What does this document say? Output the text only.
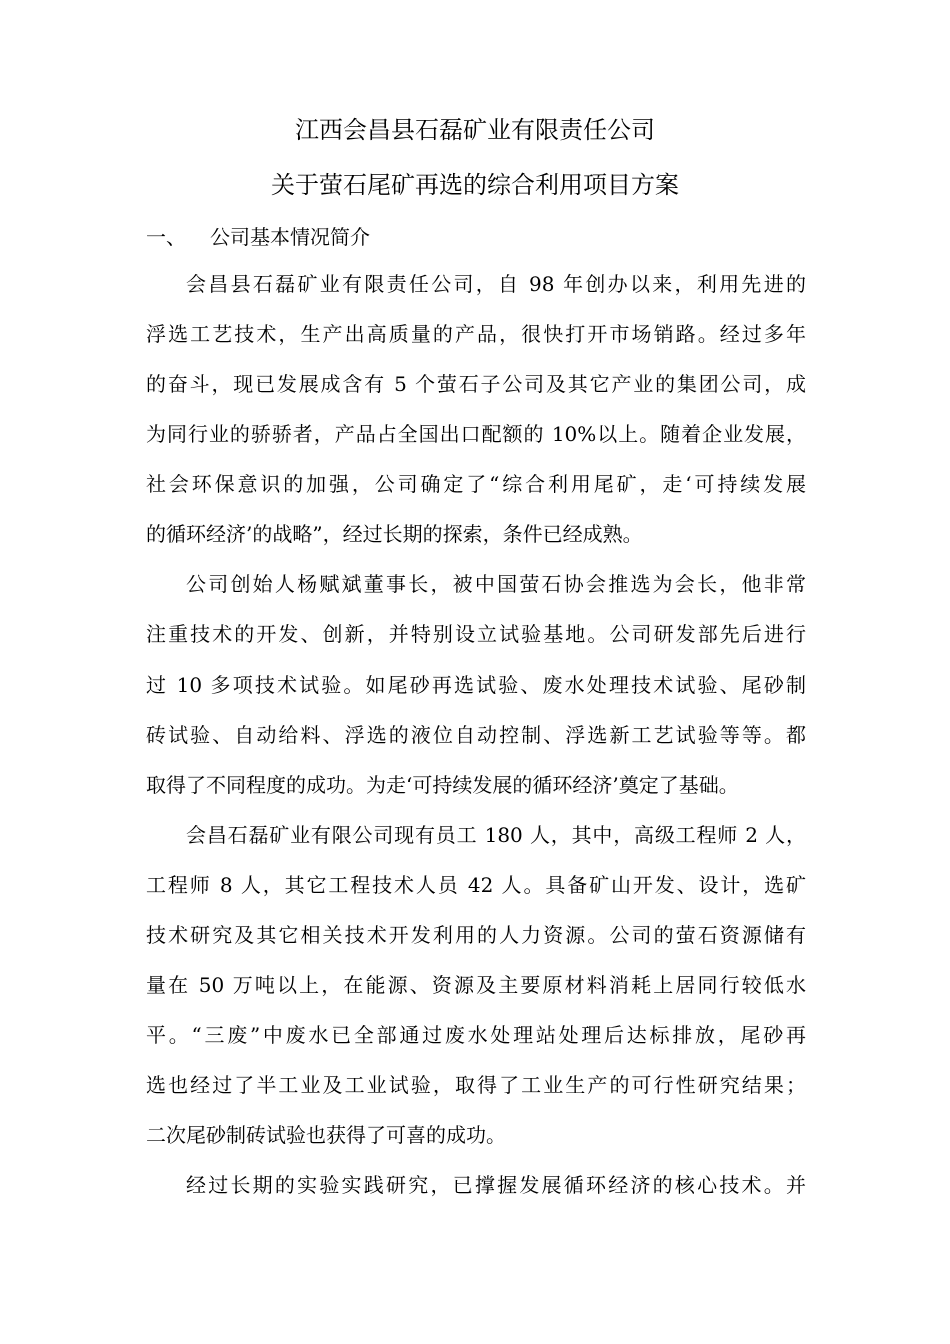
江西会昌县石磊矿业有限责任公司
关于萤石尾矿再选的综合利用项目方案
一、 公司基本情况简介
会昌县石磊矿业有限责任公司，自 98 年创办以来，利用先进的
浮选工艺技术，生产出高质量的产品，很快打开市场销路。经过多年
的奋斗，现已发展成含有 5 个萤石子公司及其它产业的集团公司，成
为同行业的骄骄者，产品占全国出口配额的 10%以上。随着企业发展，
社会环保意识的加强，公司确定了“综合利用尾矿，走‘可持续发展
的循环经济’的战略”，经过长期的探索，条件已经成熟。
公司创始人杨赋斌董事长，被中国萤石协会推选为会长，他非常
注重技术的开发、创新，并特别设立试验基地。公司研发部先后进行
过 10 多项技术试验。如尾砂再选试验、废水处理技术试验、尾砂制
砖试验、自动给料、浮选的液位自动控制、浮选新工艺试验等等。都
取得了不同程度的成功。为走‘可持续发展的循环经济’奠定了基础。
会昌石磊矿业有限公司现有员工 180 人，其中，高级工程师 2 人，
工程师 8 人，其它工程技术人员 42 人。具备矿山开发、设计，选矿
技术研究及其它相关技术开发利用的人力资源。公司的萤石资源储有
量在 50 万吨以上，在能源、资源及主要原材料消耗上居同行较低水
平。“三废”中废水已全部通过废水处理站处理后达标排放，尾砂再
选也经过了半工业及工业试验，取得了工业生产的可行性研究结果；
二次尾砂制砖试验也获得了可喜的成功。
经过长期的实验实践研究，已撑握发展循环经济的核心技术。并
